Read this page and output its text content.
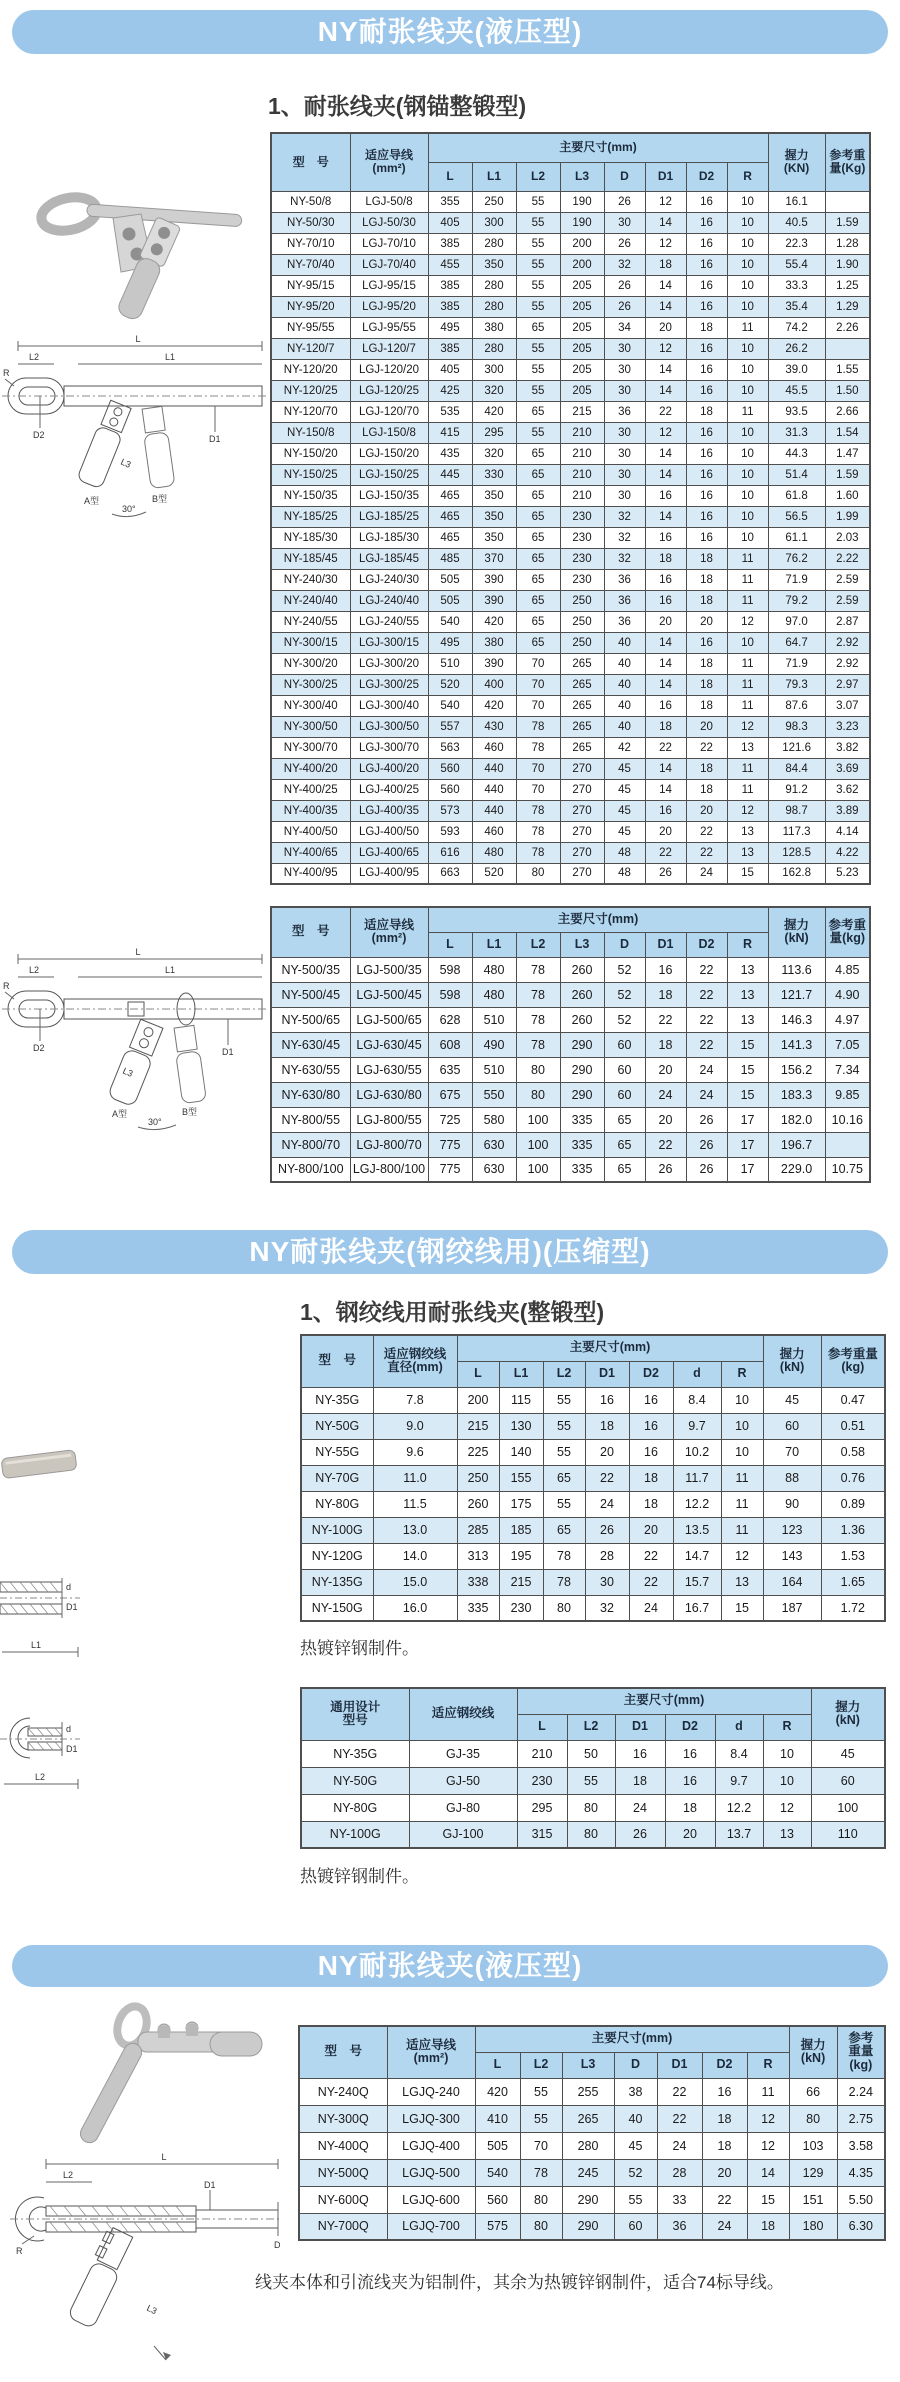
NY耐张线夹(液压型)
1、耐张线夹(钢锚整锻型)
L
L2	L1
R
D2	D1
L3
A型	B型
30°
型　号	适应导线
(mm²)
	主要尺寸(mm)	
握力
(KN)

参考重
量(Kg)

		L	L1	L2	L3	D	D1	D2	R		
NY-50/8	LGJ-50/8	355	250	55	190	26	12	16	10	16.1	
NY-50/30	LGJ-50/30	405	300	55	190	30	14	16	10	40.5	1.59
NY-70/10	LGJ-70/10	385	280	55	200	26	12	16	10	22.3	1.28
NY-70/40	LGJ-70/40	455	350	55	200	32	18	16	10	55.4	1.90
NY-95/15	LGJ-95/15	385	280	55	205	26	14	16	10	33.3	1.25
NY-95/20	LGJ-95/20	385	280	55	205	26	14	16	10	35.4	1.29
NY-95/55	LGJ-95/55	495	380	65	205	34	20	18	11	74.2	2.26
NY-120/7	LGJ-120/7	385	280	55	205	30	12	16	10	26.2	
NY-120/20	LGJ-120/20	405	300	55	205	30	14	16	10	39.0	1.55
NY-120/25	LGJ-120/25	425	320	55	205	30	14	16	10	45.5	1.50
NY-120/70	LGJ-120/70	535	420	65	215	36	22	18	11	93.5	2.66
NY-150/8	LGJ-150/8	415	295	55	210	30	12	16	10	31.3	1.54
NY-150/20	LGJ-150/20	435	320	65	210	30	14	16	10	44.3	1.47
NY-150/25	LGJ-150/25	445	330	65	210	30	14	16	10	51.4	1.59
NY-150/35	LGJ-150/35	465	350	65	210	30	16	16	10	61.8	1.60
NY-185/25	LGJ-185/25	465	350	65	230	32	14	16	10	56.5	1.99
NY-185/30	LGJ-185/30	465	350	65	230	32	16	16	10	61.1	2.03
NY-185/45	LGJ-185/45	485	370	65	230	32	18	18	11	76.2	2.22
NY-240/30	LGJ-240/30	505	390	65	230	36	16	18	11	71.9	2.59
NY-240/40	LGJ-240/40	505	390	65	250	36	16	18	11	79.2	2.59
NY-240/55	LGJ-240/55	540	420	65	250	36	20	20	12	97.0	2.87
NY-300/15	LGJ-300/15	495	380	65	250	40	14	16	10	64.7	2.92
NY-300/20	LGJ-300/20	510	390	70	265	40	14	18	11	71.9	2.92
NY-300/25	LGJ-300/25	520	400	70	265	40	14	18	11	79.3	2.97
NY-300/40	LGJ-300/40	540	420	70	265	40	16	18	11	87.6	3.07
NY-300/50	LGJ-300/50	557	430	78	265	40	18	20	12	98.3	3.23
NY-300/70	LGJ-300/70	563	460	78	265	42	22	22	13	121.6	3.82
NY-400/20	LGJ-400/20	560	440	70	270	45	14	18	11	84.4	3.69
NY-400/25	LGJ-400/25	560	440	70	270	45	14	18	11	91.2	3.62
NY-400/35	LGJ-400/35	573	440	78	270	45	16	20	12	98.7	3.89
NY-400/50	LGJ-400/50	593	460	78	270	45	20	22	13	117.3	4.14
NY-400/65	LGJ-400/65	616	480	78	270	48	22	22	13	128.5	4.22
NY-400/95	LGJ-400/95	663	520	80	270	48	26	24	15	162.8	5.23
L
L2	L1
R
D2	D1
L3
A型	B型
30°
型　号	适应导线
(mm²)
	主要尺寸(mm)	握力
(kN)

参考重
量(kg)

		L	L1	L2	L3	D	D1	D2	R		
NY-500/35	LGJ-500/35	598	480	78	260	52	16	22	13	113.6	4.85
NY-500/45	LGJ-500/45	598	480	78	260	52	18	22	13	121.7	4.90
NY-500/65	LGJ-500/65	628	510	78	260	52	22	22	13	146.3	4.97
NY-630/45	LGJ-630/45	608	490	78	290	60	18	22	15	141.3	7.05
NY-630/55	LGJ-630/55	635	510	80	290	60	20	24	15	156.2	7.34
NY-630/80	LGJ-630/80	675	550	80	290	60	24	24	15	183.3	9.85
NY-800/55	LGJ-800/55	725	580	100	335	65	20	26	17	182.0	10.16
NY-800/70	LGJ-800/70	775	630	100	335	65	22	26	17	196.7	
NY-800/100	LGJ-800/100	775	630	100	335	65	26	26	17	229.0	10.75
NY耐张线夹(钢绞线用)(压缩型)
1、钢绞线用耐张线夹(整锻型)
d
D1
L1
型　号	适应钢绞线
直径(mm)
	主要尺寸(mm)	握力
(kN)

参考重量
(kg)

		L	L1	L2	D1	D2	d	R		
NY-35G	7.8	200	115	55	16	16	8.4	10	45	0.47
NY-50G	9.0	215	130	55	18	16	9.7	10	60	0.51
NY-55G	9.6	225	140	55	20	16	10.2	10	70	0.58
NY-70G	11.0	250	155	65	22	18	11.7	11	88	0.76
NY-80G	11.5	260	175	55	24	18	12.2	11	90	0.89
NY-100G	13.0	285	185	65	26	20	13.5	11	123	1.36
NY-120G	14.0	313	195	78	28	22	14.7	12	143	1.53
NY-135G	15.0	338	215	78	30	22	15.7	13	164	1.65
NY-150G	16.0	335	230	80	32	24	16.7	15	187	1.72
热镀锌钢制件。
d
D1
L2
通用设计
型号	适应钢绞线	主要尺寸(mm)	握力
(kN)

		L	L2	D1	D2	d	R	
NY-35G	GJ-35	210	50	16	16	8.4	10	45
NY-50G	GJ-50	230	55	18	16	9.7	10	60
NY-80G	GJ-80	295	80	24	18	12.2	12	100
NY-100G	GJ-100	315	80	26	20	13.7	13	110
热镀锌钢制件。
NY耐张线夹(液压型)
L
L2
R
D1
D
L3
型　号	适应导线
(mm²)
	主要尺寸(mm)	握力
(kN)

参考
重量
(kg)

		L	L2	L3	D	D1	D2	R		
NY-240Q	LGJQ-240	420	55	255	38	22	16	11	66	2.24
NY-300Q	LGJQ-300	410	55	265	40	22	18	12	80	2.75
NY-400Q	LGJQ-400	505	70	280	45	24	18	12	103	3.58
NY-500Q	LGJQ-500	540	78	245	52	28	20	14	129	4.35
NY-600Q	LGJQ-600	560	80	290	55	33	22	15	151	5.50
NY-700Q	LGJQ-700	575	80	290	60	36	24	18	180	6.30
线夹本体和引流线夹为铝制件，其余为热镀锌钢制件，适合74标导线。
